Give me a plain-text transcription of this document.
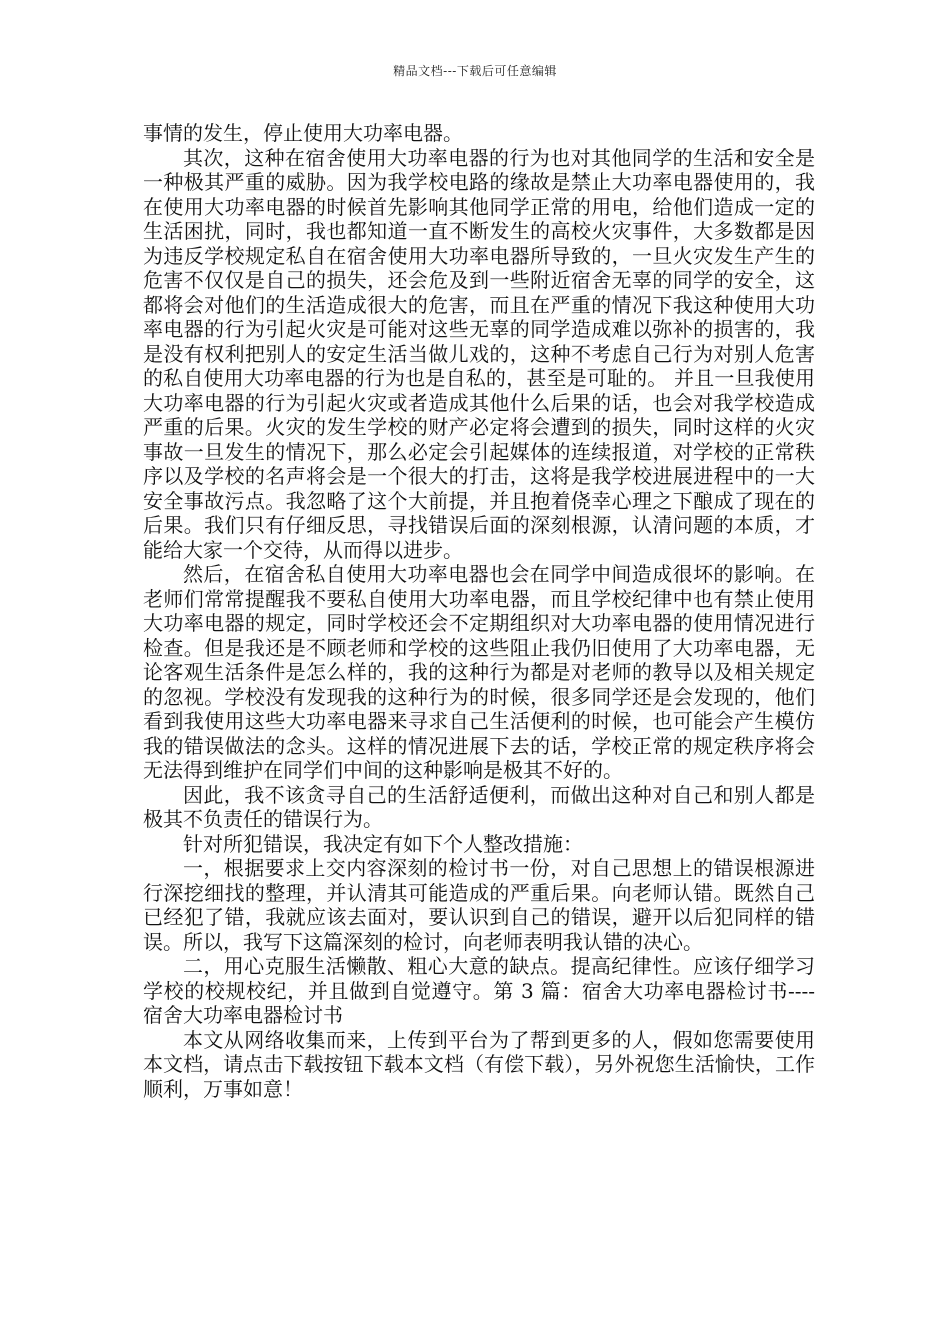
精品文档---下载后可任意编辑

事情的发生，停止使用大功率电器。

其次，这种在宿舍使用大功率电器的行为也对其他同学的生活和安全是一种极其严重的威胁。因为我学校电路的缘故是禁止大功率电器使用的，我在使用大功率电器的时候首先影响其他同学正常的用电，给他们造成一定的生活困扰，同时，我也都知道一直不断发生的高校火灾事件，大多数都是因为违反学校规定私自在宿舍使用大功率电器所导致的，一旦火灾发生产生的危害不仅仅是自己的损失，还会危及到一些附近宿舍无辜的同学的安全，这都将会对他们的生活造成很大的危害，而且在严重的情况下我这种使用大功率电器的行为引起火灾是可能对这些无辜的同学造成难以弥补的损害的，我是没有权利把别人的安定生活当做儿戏的，这种不考虑自己行为对别人危害的私自使用大功率电器的行为也是自私的，甚至是可耻的。 并且一旦我使用大功率电器的行为引起火灾或者造成其他什么后果的话，也会对我学校造成严重的后果。火灾的发生学校的财产必定将会遭到的损失，同时这样的火灾事故一旦发生的情况下，那么必定会引起媒体的连续报道，对学校的正常秩序以及学校的名声将会是一个很大的打击，这将是我学校进展进程中的一大安全事故污点。我忽略了这个大前提，并且抱着侥幸心理之下酿成了现在的后果。我们只有仔细反思，寻找错误后面的深刻根源，认清问题的本质，才能给大家一个交待，从而得以进步。

然后，在宿舍私自使用大功率电器也会在同学中间造成很坏的影响。在老师们常常提醒我不要私自使用大功率电器，而且学校纪律中也有禁止使用大功率电器的规定，同时学校还会不定期组织对大功率电器的使用情况进行检查。但是我还是不顾老师和学校的这些阻止我仍旧使用了大功率电器，无论客观生活条件是怎么样的，我的这种行为都是对老师的教导以及相关规定的忽视。学校没有发现我的这种行为的时候，很多同学还是会发现的，他们看到我使用这些大功率电器来寻求自己生活便利的时候，也可能会产生模仿我的错误做法的念头。这样的情况进展下去的话，学校正常的规定秩序将会无法得到维护在同学们中间的这种影响是极其不好的。

因此，我不该贪寻自己的生活舒适便利，而做出这种对自己和别人都是极其不负责任的错误行为。

针对所犯错误，我决定有如下个人整改措施：

一，根据要求上交内容深刻的检讨书一份，对自己思想上的错误根源进行深挖细找的整理，并认清其可能造成的严重后果。向老师认错。既然自己已经犯了错，我就应该去面对，要认识到自己的错误，避开以后犯同样的错误。所以，我写下这篇深刻的检讨，向老师表明我认错的决心。

二，用心克服生活懒散、粗心大意的缺点。提高纪律性。应该仔细学习学校的校规校纪，并且做到自觉遵守。第 3 篇：宿舍大功率电器检讨书---- 宿舍大功率电器检讨书

本文从网络收集而来，上传到平台为了帮到更多的人，假如您需要使用本文档，请点击下载按钮下载本文档（有偿下载），另外祝您生活愉快，工作顺利，万事如意！
